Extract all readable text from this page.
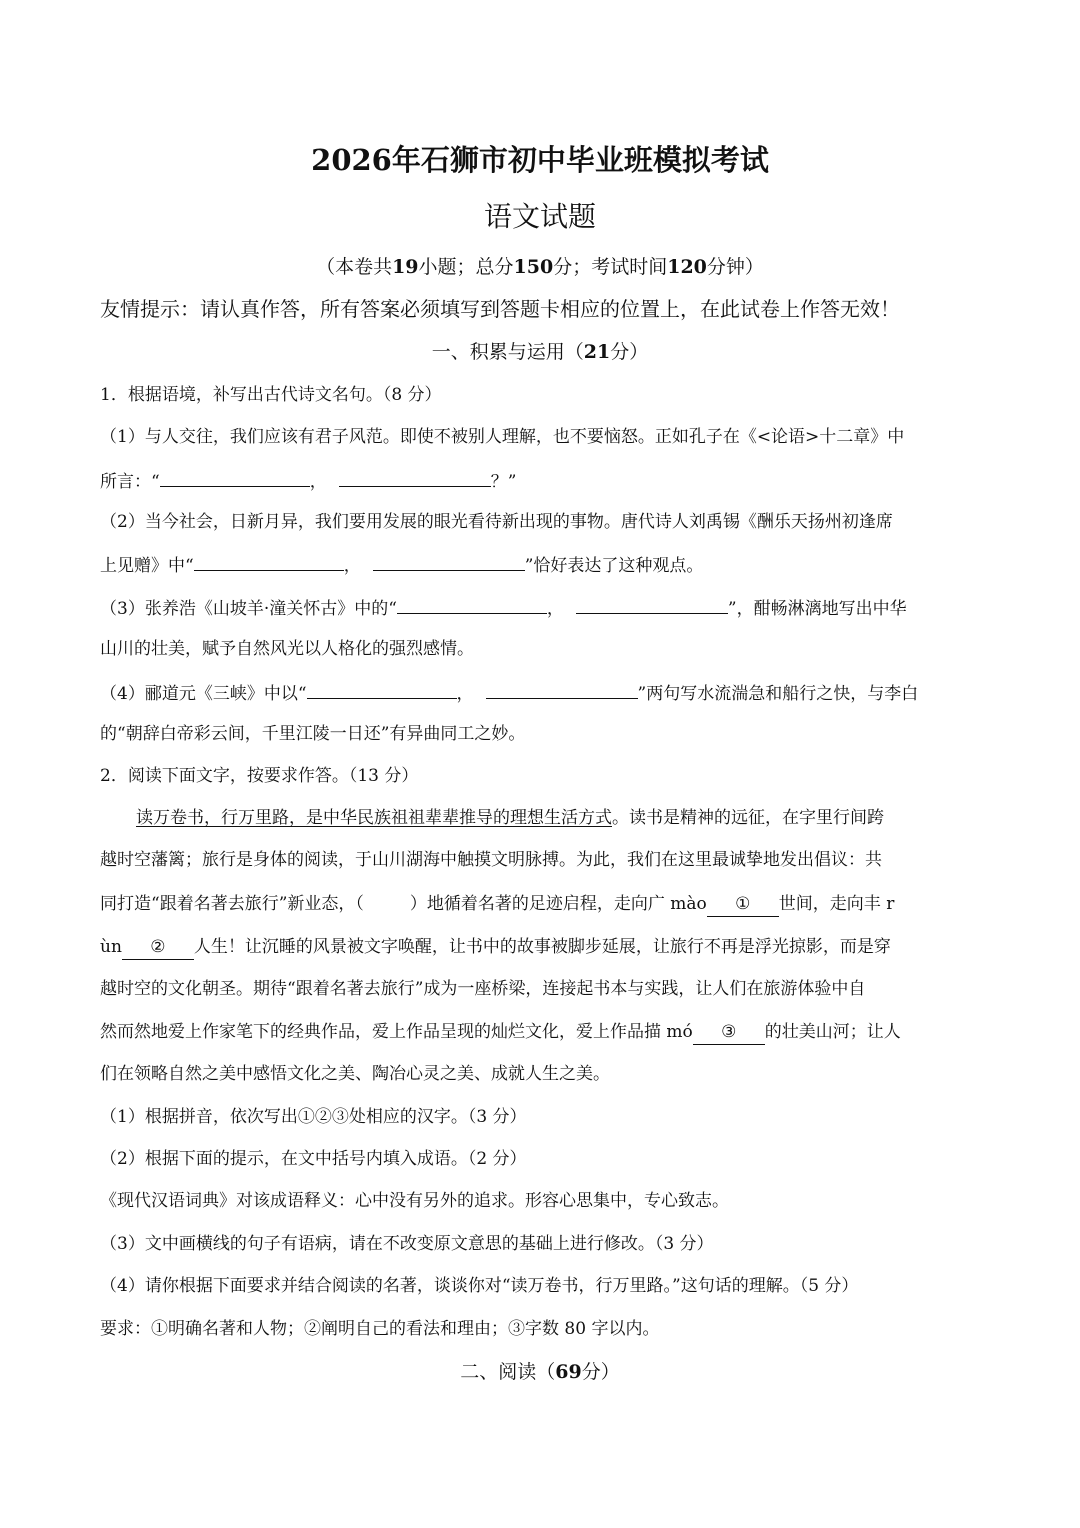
2026年石狮市初中毕业班模拟考试
语文试题
（本卷共19小题；总分150分；考试时间120分钟）
友情提示：请认真作答，所有答案必须填写到答题卡相应的位置上，在此试卷上作答无效！
一、积累与运用（21分）
1．根据语境，补写出古代诗文名句。（8 分）
（1）与人交往，我们应该有君子风范。即使不被别人理解，也不要恼怒。正如孔子在《<论语>十二章》中
所言：“	，	？”
（2）当今社会，日新月异，我们要用发展的眼光看待新出现的事物。唐代诗人刘禹锡《酬乐天扬州初逢席
上见赠》中“	，	”恰好表达了这种观点。
（3）张养浩《山坡羊·潼关怀古》中的“	，	”，酣畅淋漓地写出中华
山川的壮美，赋予自然风光以人格化的强烈感情。
（4）郦道元《三峡》中以“	，	”两句写水流湍急和船行之快，与李白
的“朝辞白帝彩云间，千里江陵一日还”有异曲同工之妙。
2．阅读下面文字，按要求作答。（13 分）
读万卷书，行万里路，是中华民族祖祖辈辈推导的理想生活方式。读书是精神的远征，在字里行间跨
越时空藩篱；旅行是身体的阅读，于山川湖海中触摸文明脉搏。为此，我们在这里最诚挚地发出倡议：共
同打造“跟着名著去旅行”新业态，（	）地循着名著的足迹启程，走向广 mào ① 世间，走向丰 r
ùn ② 人生！让沉睡的风景被文字唤醒，让书中的故事被脚步延展，让旅行不再是浮光掠影，而是穿
越时空的文化朝圣。期待“跟着名著去旅行”成为一座桥梁，连接起书本与实践，让人们在旅游体验中自
然而然地爱上作家笔下的经典作品，爱上作品呈现的灿烂文化，爱上作品描 mó ③ 的壮美山河；让人
们在领略自然之美中感悟文化之美、陶冶心灵之美、成就人生之美。
（1）根据拼音，依次写出①②③处相应的汉字。（3 分）
（2）根据下面的提示，在文中括号内填入成语。（2 分）
《现代汉语词典》对该成语释义：心中没有另外的追求。形容心思集中，专心致志。
（3）文中画横线的句子有语病，请在不改变原文意思的基础上进行修改。（3 分）
（4）请你根据下面要求并结合阅读的名著，谈谈你对“读万卷书，行万里路。”这句话的理解。（5 分）
要求：①明确名著和人物；②阐明自己的看法和理由；③字数 80 字以内。
二、阅读（69分）
